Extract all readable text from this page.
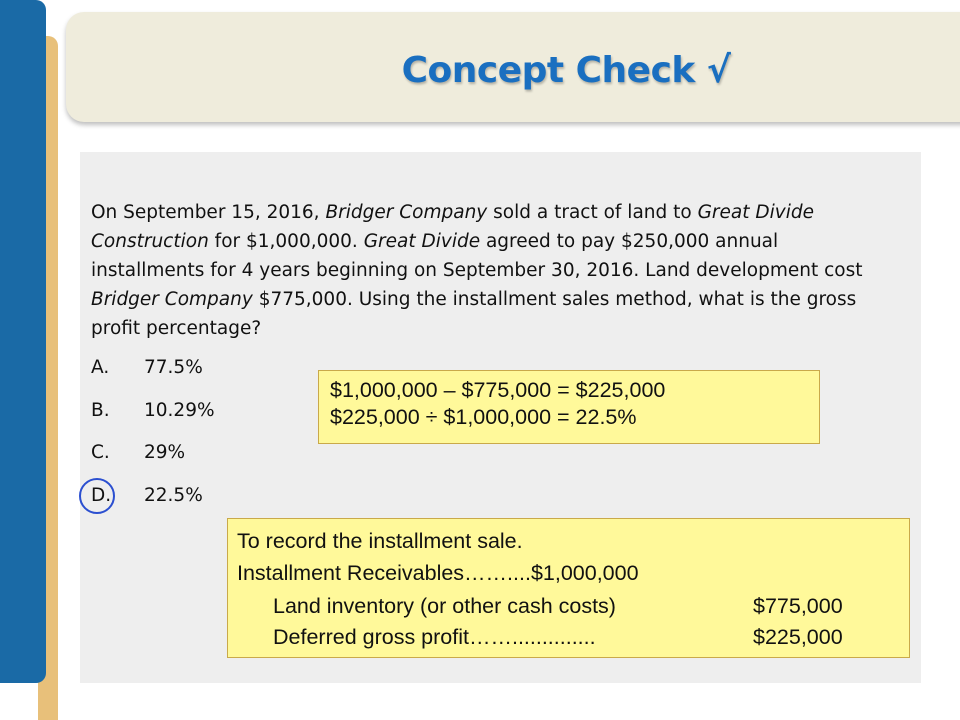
Concept Check √
On September 15, 2016, Bridger Company sold a tract of land to Great Divide Construction for $1,000,000. Great Divide agreed to pay $250,000 annual installments for 4 years beginning on September 30, 2016. Land development cost Bridger Company $775,000. Using the installment sales method, what is the gross profit percentage?
A. 77.5%
B. 10.29%
C. 29%
D. 22.5%
$1,000,000 – $775,000 = $225,000
$225,000 ÷ $1,000,000 = 22.5%
To record the installment sale.
Installment Receivables……....$1,000,000
Land inventory (or other cash costs)	$775,000
Deferred gross profit……..............	$225,000
